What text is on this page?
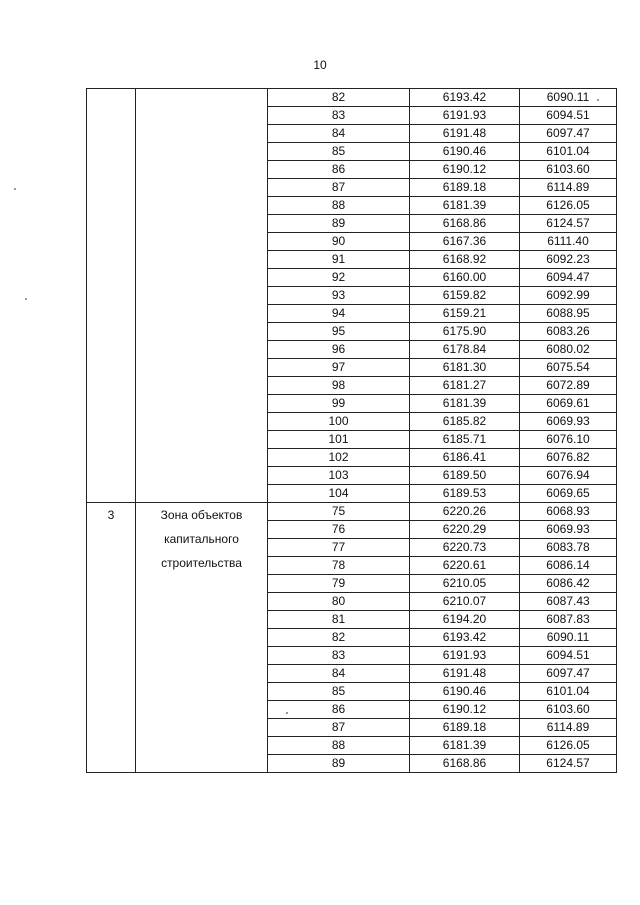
10
		82	6193.42	6090.11
		83	6191.93	6094.51
		84	6191.48	6097.47
		85	6190.46	6101.04
		86	6190.12	6103.60
		87	6189.18	6114.89
		88	6181.39	6126.05
		89	6168.86	6124.57
		90	6167.36	6111.40
		91	6168.92	6092.23
		92	6160.00	6094.47
		93	6159.82	6092.99
		94	6159.21	6088.95
		95	6175.90	6083.26
		96	6178.84	6080.02
		97	6181.30	6075.54
		98	6181.27	6072.89
		99	6181.39	6069.61
		100	6185.82	6069.93
		101	6185.71	6076.10
		102	6186.41	6076.82
		103	6189.50	6076.94
		104	6189.53	6069.65
3	Зона объектов
капитального
строительства	75	6220.26	6068.93
		76	6220.29	6069.93
		77	6220.73	6083.78
		78	6220.61	6086.14
		79	6210.05	6086.42
		80	6210.07	6087.43
		81	6194.20	6087.83
		82	6193.42	6090.11
		83	6191.93	6094.51
		84	6191.48	6097.47
		85	6190.46	6101.04
		86	6190.12	6103.60
		87	6189.18	6114.89
		88	6181.39	6126.05
		89	6168.86	6124.57
